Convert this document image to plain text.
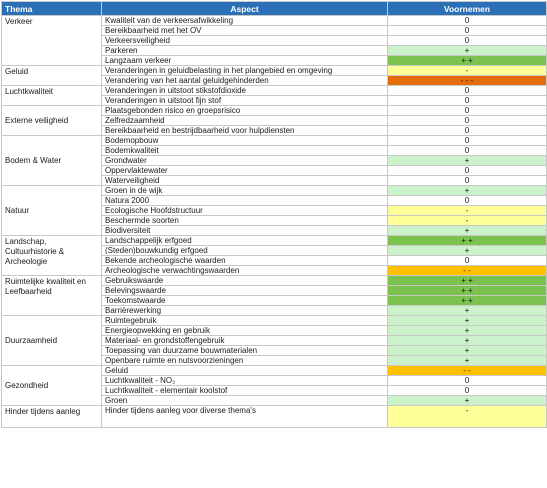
Thema	Aspect	Voornemen
Verkeer	Kwaliteit van de verkeersafwikkeling	0
	Bereikbaarheid met het OV	0
	Verkeersveiligheid	0
	Parkeren	+
	Langzaam verkeer	+ +
Geluid	Veranderingen in geluidbelasting in het plangebied en omgeving	-
	Verandering van het aantal geluidgehinderden	- - -
Luchtkwaliteit	Veranderingen in uitstoot stikstofdioxide	0
	Veranderingen in uitstoot fijn stof	0
Externe veiligheid	Plaatsgebonden risico en groepsrisico	0
	Zelfredzaamheid	0
	Bereikbaarheid en bestrijdbaarheid voor hulpdiensten	0
Bodem & Water	Bodemopbouw	0
	Bodemkwaliteit	0
	Grondwater	+
	Oppervlaktewater	0
	Waterveiligheid	0
Natuur	Groen in de wijk	+
	Natura 2000	0
	Ecologische Hoofdstructuur	-
	Beschermde soorten	-
	Biodiversiteit	+
Landschap, Cultuurhistorie & Archeologie	Landschappelijk erfgoed	+ +
	(Steden)bouwkundig erfgoed	+
	Bekende archeologische waarden	0
	Archeologische verwachtingswaarden	- -
Ruimtelijke kwaliteit en Leefbaarheid	Gebruikswaarde	+ +
	Belevingswaarde	+ +
	Toekomstwaarde	+ +
	Barrièrewerking	+
Duurzaamheid	Ruimtegebruik	+
	Energieopwekking en gebruik	+
	Materiaal- en grondstoffengebruik	+
	Toepassing van duurzame bouwmaterialen	+
	Openbare ruimte en nutsvoorzieningen	+
Gezondheid	Geluid	- -
	Luchtkwaliteit - NO₂	0
	Luchtkwaliteit - elementair koolstof	0
	Groen	+
Hinder tijdens aanleg	Hinder tijdens aanleg voor diverse thema's	-
